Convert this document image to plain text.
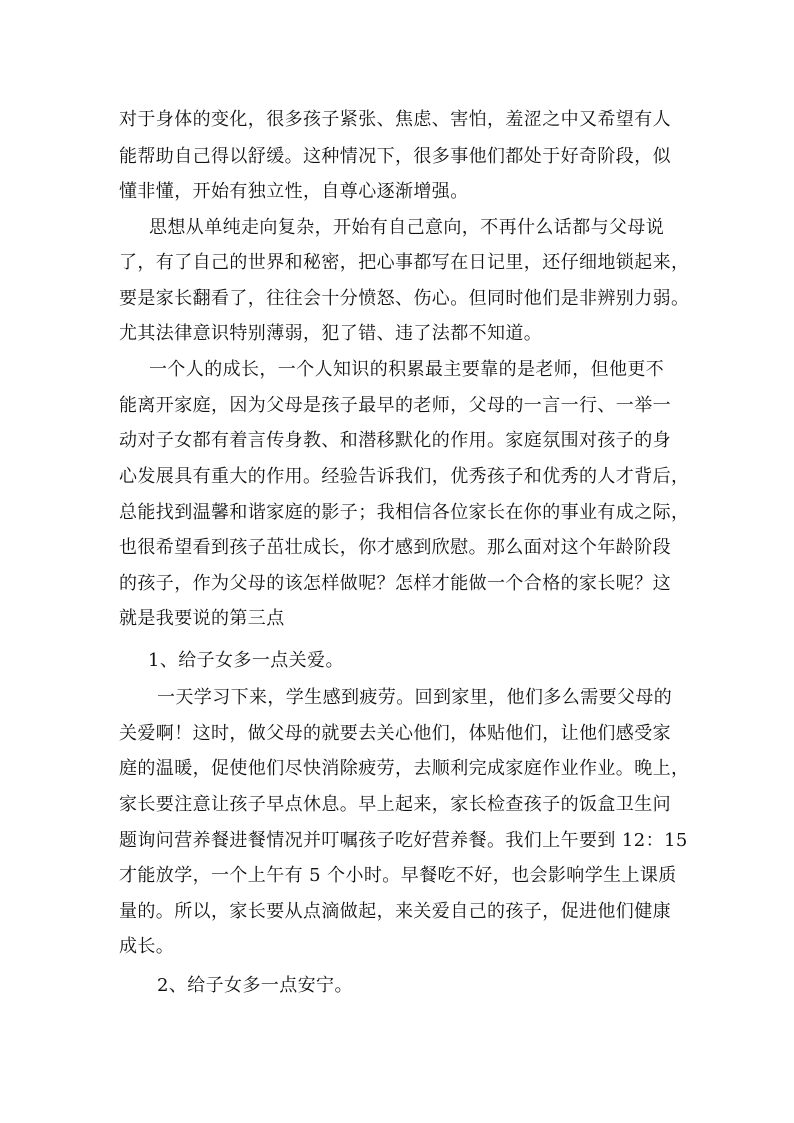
对于身体的变化，很多孩子紧张、焦虑、害怕，羞涩之中又希望有人
能帮助自己得以舒缓。这种情况下，很多事他们都处于好奇阶段，似
懂非懂，开始有独立性，自尊心逐渐增强。
思想从单纯走向复杂，开始有自己意向，不再什么话都与父母说
了，有了自己的世界和秘密，把心事都写在日记里，还仔细地锁起来，
要是家长翻看了，往往会十分愤怒、伤心。但同时他们是非辨别力弱。
尤其法律意识特别薄弱，犯了错、违了法都不知道。
一个人的成长，一个人知识的积累最主要靠的是老师，但他更不
能离开家庭，因为父母是孩子最早的老师，父母的一言一行、一举一
动对子女都有着言传身教、和潜移默化的作用。家庭氛围对孩子的身
心发展具有重大的作用。经验告诉我们，优秀孩子和优秀的人才背后，
总能找到温馨和谐家庭的影子；我相信各位家长在你的事业有成之际，
也很希望看到孩子茁壮成长，你才感到欣慰。那么面对这个年龄阶段
的孩子，作为父母的该怎样做呢？怎样才能做一个合格的家长呢？这
就是我要说的第三点
1、给子女多一点关爱。
一天学习下来，学生感到疲劳。回到家里，他们多么需要父母的
关爱啊！这时，做父母的就要去关心他们，体贴他们，让他们感受家
庭的温暖，促使他们尽快消除疲劳，去顺利完成家庭作业作业。晚上，
家长要注意让孩子早点休息。早上起来，家长检查孩子的饭盒卫生问
题询问营养餐进餐情况并叮嘱孩子吃好营养餐。我们上午要到 12：15
才能放学，一个上午有 5 个小时。早餐吃不好，也会影响学生上课质
量的。所以，家长要从点滴做起，来关爱自己的孩子，促进他们健康
成长。
2、给子女多一点安宁。
